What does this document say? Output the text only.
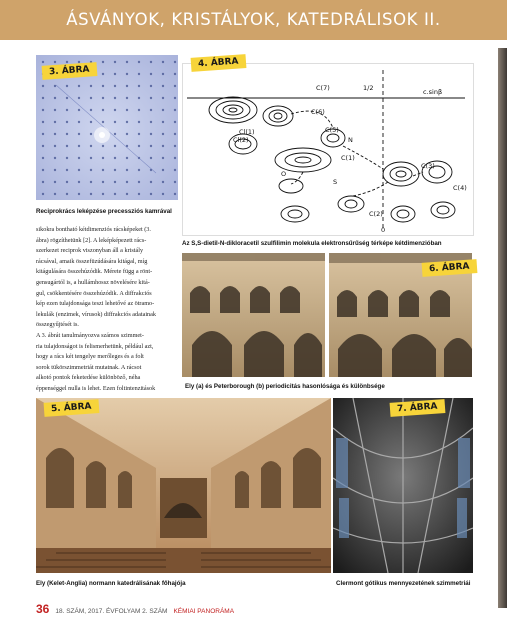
ÁSVÁNYOK, KRISTÁLYOK, KATEDRÁLISOK II.
3. ÁBRA
Reciprokrács leképzése precessziós kamrával
C(7)	1/2	c.sinβ
C(6)
C(5)
N
C(1)
Cl(1)
Cl(2)
O
S
C(2)
C(3)
C(4)
0
4. ÁBRA
Az S,S-dietil-N-dikloracetil szulfilimin molekula elektronsűrűség térképe kétdimenzióban

sikokra bontható kétdimenziós rácsképeket (3.

ábra) rögzíthetünk [2]. A leképképezett rács-

szerkezet reciprok viszonyban áll a kristály

rácsával, amaik összefüzúdására kitágal, míg

kitágulására összehúzódik. Mérete függ a rönt-

gensugártól is, a hullámhossz növelésére kitá-

gul, csökkentésére összehúzódik. A diffrakciós

kép ezen tulajdonsága teszi lehetővé az ötramo-

lekulák (enzimek, vírusok) diffrakciós adatainak

összegyűjtését is.

A 3. ábrát tanulmányozva számos szimmet-

ria tulajdonságot is felismerhetünk, például azt,

hogy a rács két tengelye merőleges és a folt

sorok tükörszimmetriát mutatnak. A rácsot

alkotó pontok feketedése különböző, néha

éppenséggel nulla is lehet. Ezen foltintenzitások

6. ÁBRA
Ely (a) és Peterborough (b) periodicitás hasonlósága és különbsége
5. ÁBRA
Ely (Kelet-Anglia) normann katedrálisának főhajója
7. ÁBRA
Clermont gótikus mennyezetének szimmetriái
36 18. SZÁM, 2017. ÉVFOLYAM 2. SZÁM KÉMIAI PANORÁMA
